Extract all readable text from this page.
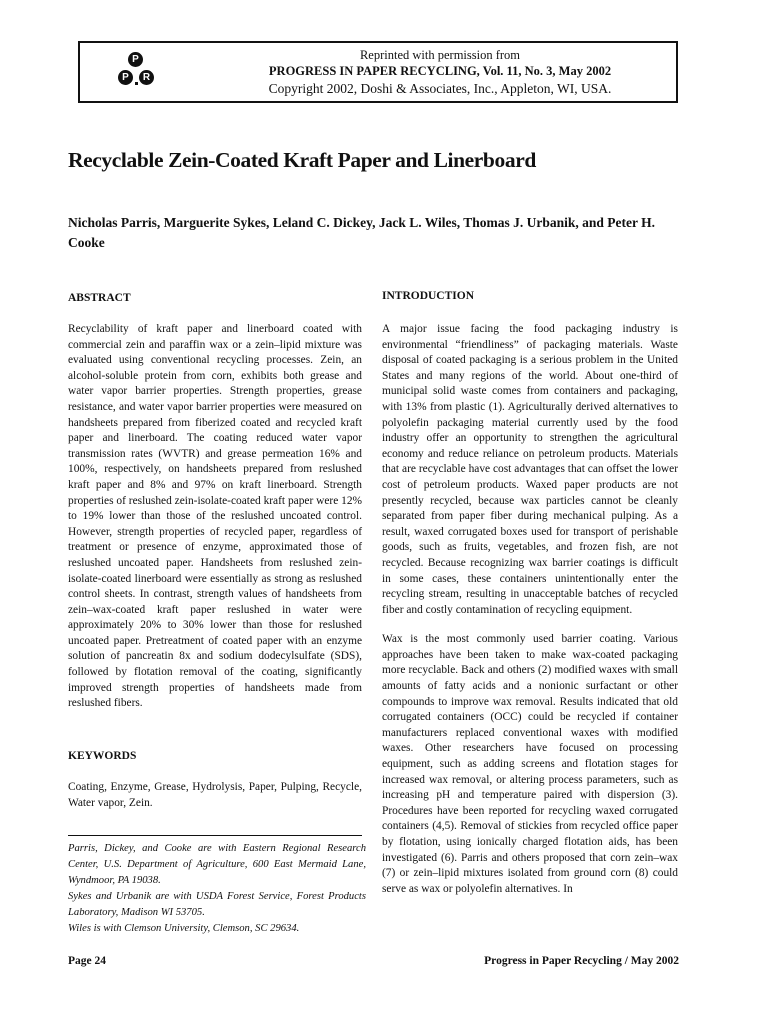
P
P	R
Reprinted with permission from
PROGRESS IN PAPER RECYCLING, Vol. 11, No. 3, May 2002
Copyright 2002, Doshi & Associates, Inc., Appleton, WI, USA.
Recyclable Zein-Coated Kraft Paper and Linerboard
Nicholas Parris, Marguerite Sykes, Leland C. Dickey, Jack L. Wiles, Thomas J. Urbanik, and Peter H. Cooke
ABSTRACT
Recyclability of kraft paper and linerboard coated with commercial zein and paraffin wax or a zein–lipid mixture was evaluated using conventional recycling processes. Zein, an alcohol-soluble protein from corn, exhibits both grease and water vapor barrier properties. Strength properties, grease resistance, and water vapor barrier properties were measured on handsheets prepared from fiberized coated and recycled kraft paper and linerboard. The coating reduced water vapor transmission rates (WVTR) and grease permeation 16% and 100%, respectively, on handsheets prepared from reslushed kraft paper and 8% and 97% on kraft linerboard. Strength properties of reslushed zein-isolate-coated kraft paper were 12% to 19% lower than those of the reslushed uncoated control. However, strength properties of recycled paper, regardless of treatment or presence of enzyme, approximated those of reslushed uncoated paper. Handsheets from reslushed zein-isolate-coated linerboard were essentially as strong as reslushed control sheets. In contrast, strength values of handsheets from zein–wax-coated kraft paper reslushed in water were approximately 20% to 30% lower than those for reslushed uncoated paper. Pretreatment of coated paper with an enzyme solution of pancreatin 8x and sodium dodecylsulfate (SDS), followed by flotation removal of the coating, significantly improved strength properties of handsheets made from reslushed fibers.
KEYWORDS
Coating, Enzyme, Grease, Hydrolysis, Paper, Pulping, Recycle, Water vapor, Zein.
Parris, Dickey, and Cooke are with Eastern Regional Research Center, U.S. Department of Agriculture, 600 East Mermaid Lane, Wyndmoor, PA 19038.
Sykes and Urbanik are with USDA Forest Service, Forest Products Laboratory, Madison WI 53705.
Wiles is with Clemson University, Clemson, SC 29634.
INTRODUCTION

A major issue facing the food packaging industry is environmental “friendliness” of packaging materials. Waste disposal of coated packaging is a serious problem in the United States and many regions of the world. About one-third of municipal solid waste comes from containers and packaging, with 13% from plastic (1). Agriculturally derived alternatives to polyolefin packaging material currently used by the food industry offer an opportunity to strengthen the agricultural economy and reduce reliance on petroleum products. Materials that are recyclable have cost advantages that can offset the lower cost of petroleum products. Waxed paper products are not presently recycled, because wax particles cannot be cleanly separated from paper fiber during mechanical pulping. As a result, waxed corrugated boxes used for transport of perishable goods, such as fruits, vegetables, and frozen fish, are not recycled. Because recognizing wax barrier coatings is difficult in some cases, these containers unintentionally enter the recycling stream, resulting in unacceptable batches of recycled fiber and costly contamination of recycling equipment.

Wax is the most commonly used barrier coating. Various approaches have been taken to make wax-coated packaging more recyclable. Back and others (2) modified waxes with small amounts of fatty acids and a nonionic surfactant or other compounds to improve wax removal. Results indicated that old corrugated containers (OCC) could be recycled if container manufacturers replaced conventional waxes with modified waxes. Other researchers have focused on processing equipment, such as adding screens and flotation stages for increased wax removal, or altering process parameters, such as increasing pH and temperature paired with dispersion (3). Procedures have been reported for recycling waxed corrugated containers (4,5). Removal of stickies from recycled office paper by flotation, using ionically charged flotation aids, has been investigated (6). Parris and others proposed that corn zein–wax (7) or zein–lipid mixtures isolated from ground corn (8) could serve as wax or polyolefin alternatives. In

Page 24	Progress in Paper Recycling / May 2002
